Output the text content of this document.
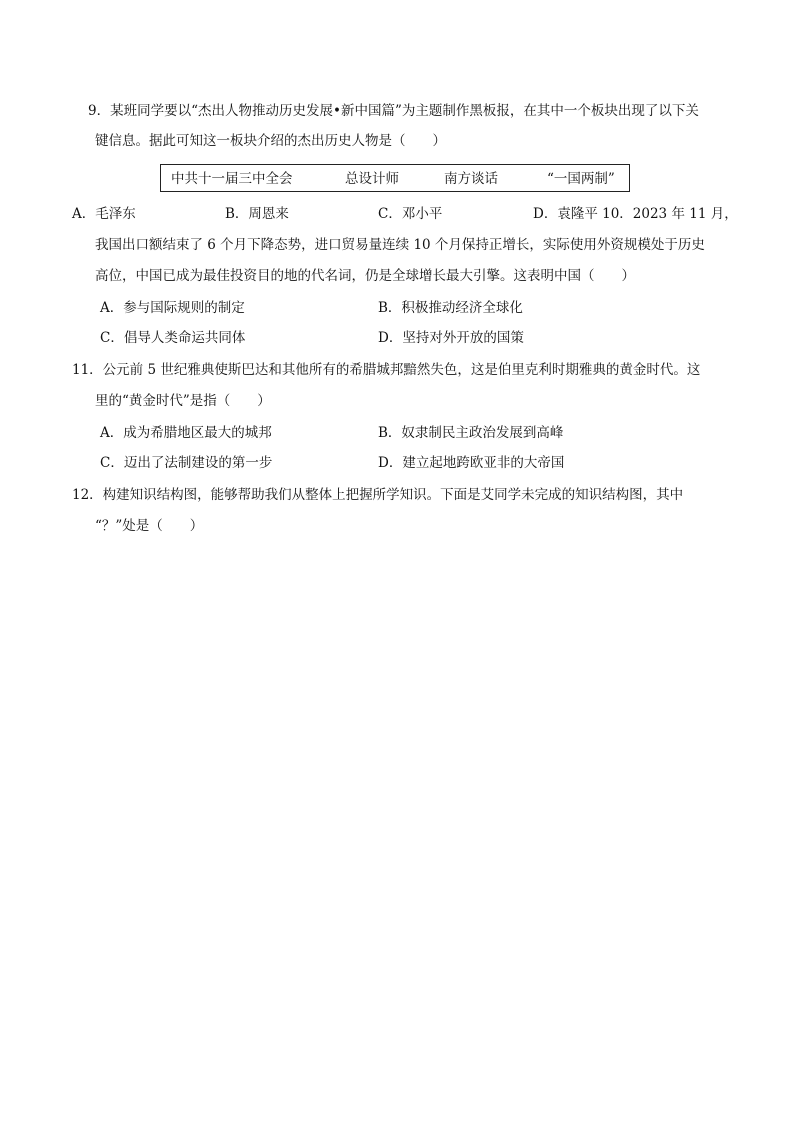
9．某班同学要以“杰出人物推动历史发展•新中国篇”为主题制作黑板报，在其中一个板块出现了以下关
键信息。据此可知这一板块介绍的杰出历史人物是（　　）
中共十一届三中全会	总设计师	南方谈话	“一国两制”
A．毛泽东	B．周恩来	C．邓小平	D．袁隆平 10．2023 年 11 月，
我国出口额结束了 6 个月下降态势，进口贸易量连续 10 个月保持正增长，实际使用外资规模处于历史
高位，中国已成为最佳投资目的地的代名词，仍是全球增长最大引擎。这表明中国（　　）
A．参与国际规则的制定	B．积极推动经济全球化
C．倡导人类命运共同体	D．坚持对外开放的国策
11．公元前 5 世纪雅典使斯巴达和其他所有的希腊城邦黯然失色，这是伯里克利时期雅典的黄金时代。这
里的“黄金时代”是指（　　）
A．成为希腊地区最大的城邦	B．奴隶制民主政治发展到高峰
C．迈出了法制建设的第一步	D．建立起地跨欧亚非的大帝国
12．构建知识结构图，能够帮助我们从整体上把握所学知识。下面是艾同学未完成的知识结构图，其中
“？”处是（　　）
